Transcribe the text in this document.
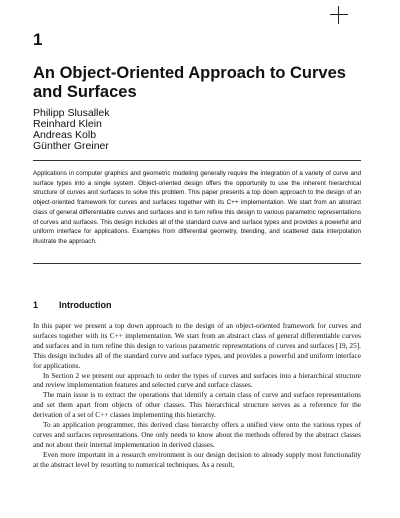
1
An Object-Oriented Approach to Curves and Surfaces
Philipp Slusallek
Reinhard Klein
Andreas Kolb
Günther Greiner

Applications in computer graphics and geometric modeling generally require the integration of a variety of curve and surface types into a single system. Object-oriented design offers the opportunity to use the inherent hierarchical structure of curves and surfaces to solve this problem. This paper presents a top down approach to the design of an object-oriented framework for curves and surfaces together with its C++ implementation. We start from an abstract class of general differentiable curves and surfaces and in turn refine this design to various parametric representations of curves and surfaces. This design includes all of the standard curve and surface types and provides a powerful and uniform interface for applications. Examples from differential geometry, blending, and scattered data interpolation illustrate the approach.

1 Introduction

In this paper we present a top down approach to the design of an object-oriented framework for curves and surfaces together with its C++ implementation. We start from an abstract class of general differentiable curves and surfaces and in turn refine this design to various parametric representations of curves and surfaces [19, 25]. This design includes all of the standard curve and surface types, and provides a powerful and uniform interface for applications.

In Section 2 we present our approach to order the types of curves and surfaces into a hierarchical structure and review implementation features and selected curve and surface classes.

The main issue is to extract the operations that identify a certain class of curve and surface representations and set them apart from objects of other classes. This hierarchical structure serves as a reference for the derivation of a set of C++ classes implementing this hierarchy.

To an application programmer, this derived class hierarchy offers a unified view onto the various types of curves and surfaces representations. One only needs to know about the methods offered by the abstract classes and not about their internal implementation in derived classes.

Even more important in a research environment is our design decision to already supply most functionality at the abstract level by resorting to numerical techniques. As a result,
